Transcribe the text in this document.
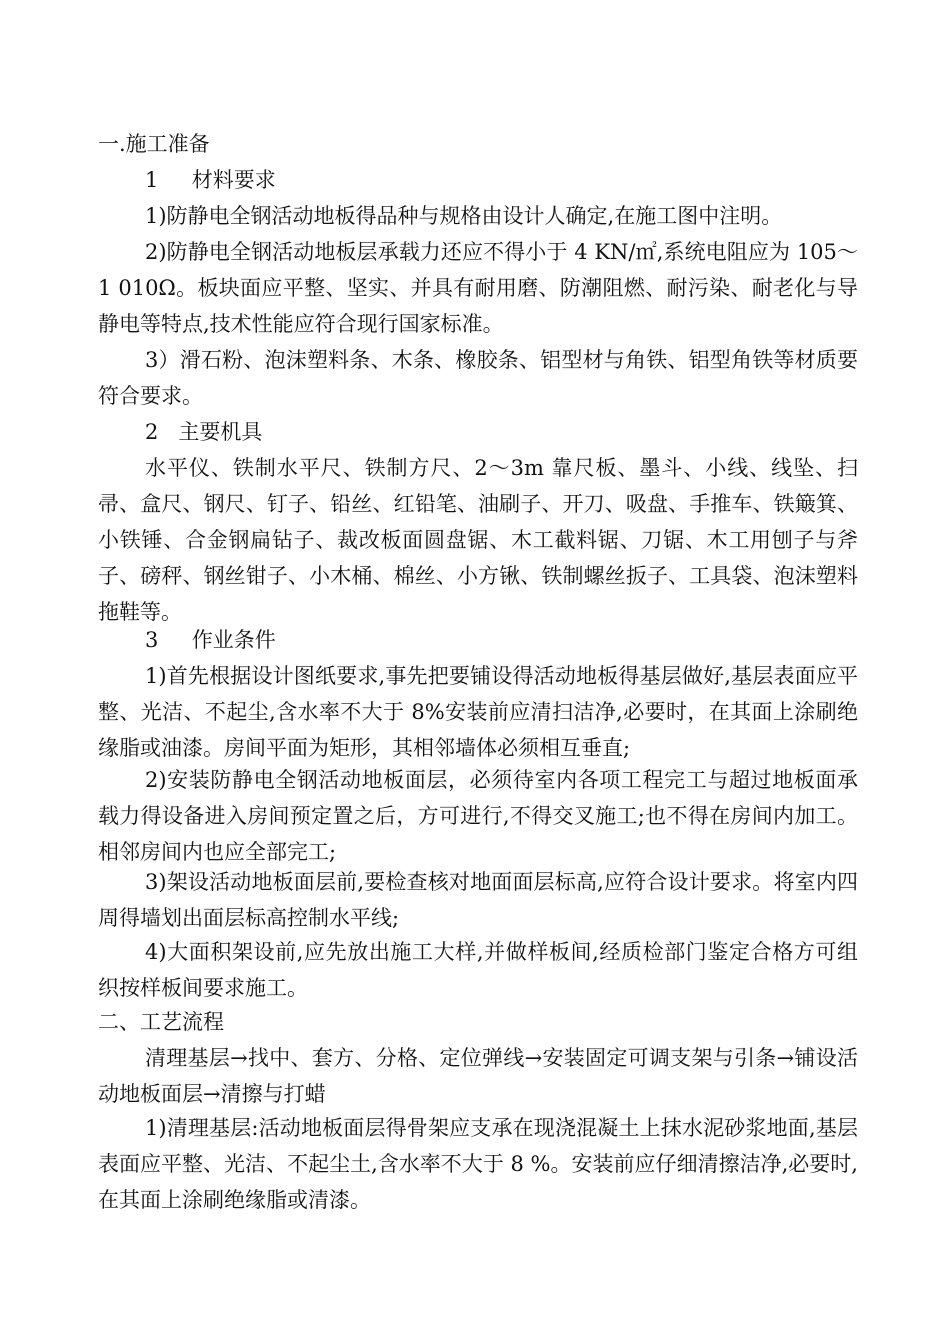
一.施工准备

1     材料要求

1)防静电全钢活动地板得品种与规格由设计人确定,在施工图中注明。

2)防静电全钢活动地板层承载力还应不得小于 4 KN/㎡,系统电阻应为 105～ 1 010Ω。板块面应平整、坚实、并具有耐用磨、防潮阻燃、耐污染、耐老化与导静电等特点,技术性能应符合现行国家标准。

3）滑石粉、泡沫塑料条、木条、橡胶条、铝型材与角铁、铝型角铁等材质要符合要求。

2   主要机具

水平仪、铁制水平尺、铁制方尺、2～3m 靠尺板、墨斗、小线、线坠、扫帚、盒尺、钢尺、钉子、铅丝、红铅笔、油刷子、开刀、吸盘、手推车、铁簸箕、小铁锤、合金钢扁钻子、裁改板面圆盘锯、木工截料锯、刀锯、木工用刨子与斧子、磅秤、钢丝钳子、小木桶、棉丝、小方锹、铁制螺丝扳子、工具袋、泡沫塑料拖鞋等。

3     作业条件

1)首先根据设计图纸要求,事先把要铺设得活动地板得基层做好,基层表面应平整、光洁、不起尘,含水率不大于 8%安装前应清扫洁净,必要时，在其面上涂刷绝缘脂或油漆。房间平面为矩形，其相邻墙体必须相互垂直;

2)安装防静电全钢活动地板面层，必须待室内各项工程完工与超过地板面承载力得设备进入房间预定置之后，方可进行,不得交叉施工;也不得在房间内加工。相邻房间内也应全部完工;

3)架设活动地板面层前,要检查核对地面面层标高,应符合设计要求。将室内四周得墙划出面层标高控制水平线;

4)大面积架设前,应先放出施工大样,并做样板间,经质检部门鉴定合格方可组织按样板间要求施工。

二、工艺流程

清理基层→找中、套方、分格、定位弹线→安装固定可调支架与引条→铺设活动地板面层→清擦与打蜡

1)清理基层:活动地板面层得骨架应支承在现浇混凝土上抹水泥砂浆地面,基层表面应平整、光洁、不起尘土,含水率不大于 8 %。安装前应仔细清擦洁净,必要时,在其面上涂刷绝缘脂或清漆。
